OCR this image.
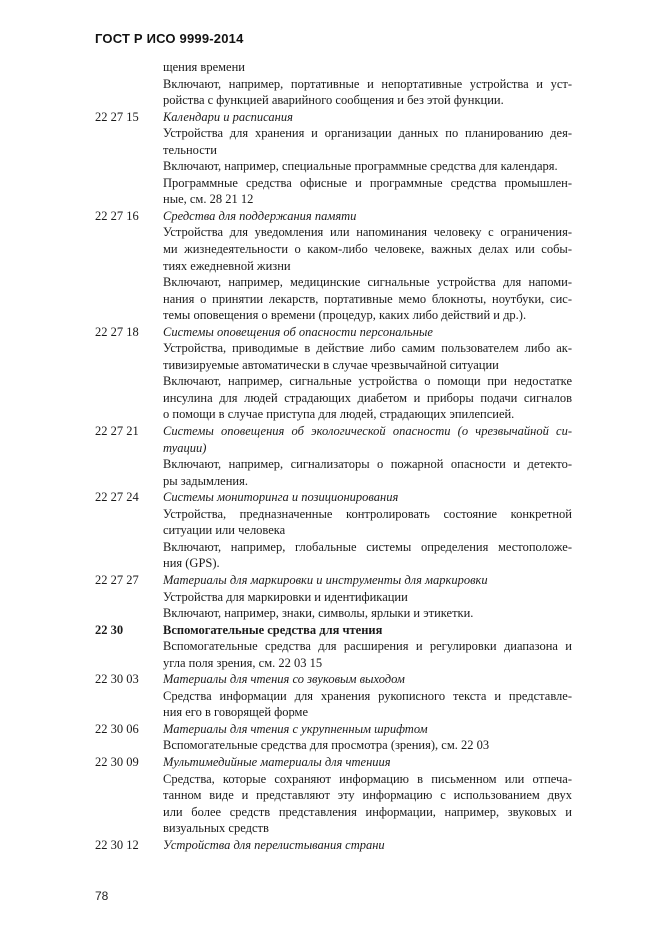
ГОСТ Р ИСО 9999-2014
щения времени
Включают, например, портативные и непортативные устройства и уст-
ройства с функцией аварийного сообщения и без этой функции.
22 27 15	Календари и расписания
Устройства для хранения и организации данных по планированию дея-
тельности
Включают, например, специальные программные средства для календаря.
Программные средства офисные и программные средства промышлен-
ные, см. 28 21 12
22 27 16	Средства для поддержания памяти
Устройства для уведомления или напоминания человеку с ограничения-
ми жизнедеятельности о каком-либо человеке, важных делах или собы-
тиях ежедневной жизни
Включают, например, медицинские сигнальные устройства для напоми-
нания о принятии лекарств, портативные мемо блокноты, ноутбуки, сис-
темы оповещения о времени (процедур, каких либо действий и др.).
22 27 18	Системы оповещения об опасности персональные
Устройства, приводимые в действие либо самим пользователем либо ак-
тивизируемые автоматически в случае чрезвычайной ситуации
Включают, например, сигнальные устройства о помощи при недостатке
инсулина для людей страдающих диабетом и приборы подачи сигналов
о помощи в случае приступа для людей, страдающих эпилепсией.
22 27 21	Системы оповещения об экологической опасности (о чрезвычайной си-
туации)
Включают, например, сигнализаторы о пожарной опасности и детекто-
ры задымления.
22 27 24	Системы мониторинга и позиционирования
Устройства, предназначенные контролировать состояние конкретной
ситуации или человека
Включают, например, глобальные системы определения местоположе-
ния (GPS).
22 27 27	Материалы для маркировки и инструменты для маркировки
Устройства для маркировки и идентификации
Включают, например, знаки, символы, ярлыки и этикетки.
22 30	Вспомогательные средства для чтения
Вспомогательные средства для расширения и регулировки диапазона и
угла поля зрения, см. 22 03 15
22 30 03	Материалы для чтения со звуковым выходом
Средства информации для хранения рукописного текста и представле-
ния его в говорящей форме
22 30 06	Материалы для чтения с укрупненным шрифтом
Вспомогательные средства для просмотра (зрения), см. 22 03
22 30 09	Мультимедийные материалы для чтениия
Средства, которые сохраняют информацию в письменном или отпеча-
танном виде и представляют эту информацию с использованием двух
или более средств представления информации, например, звуковых и
визуальных средств
22 30 12	Устройства для перелистывания страни
78
